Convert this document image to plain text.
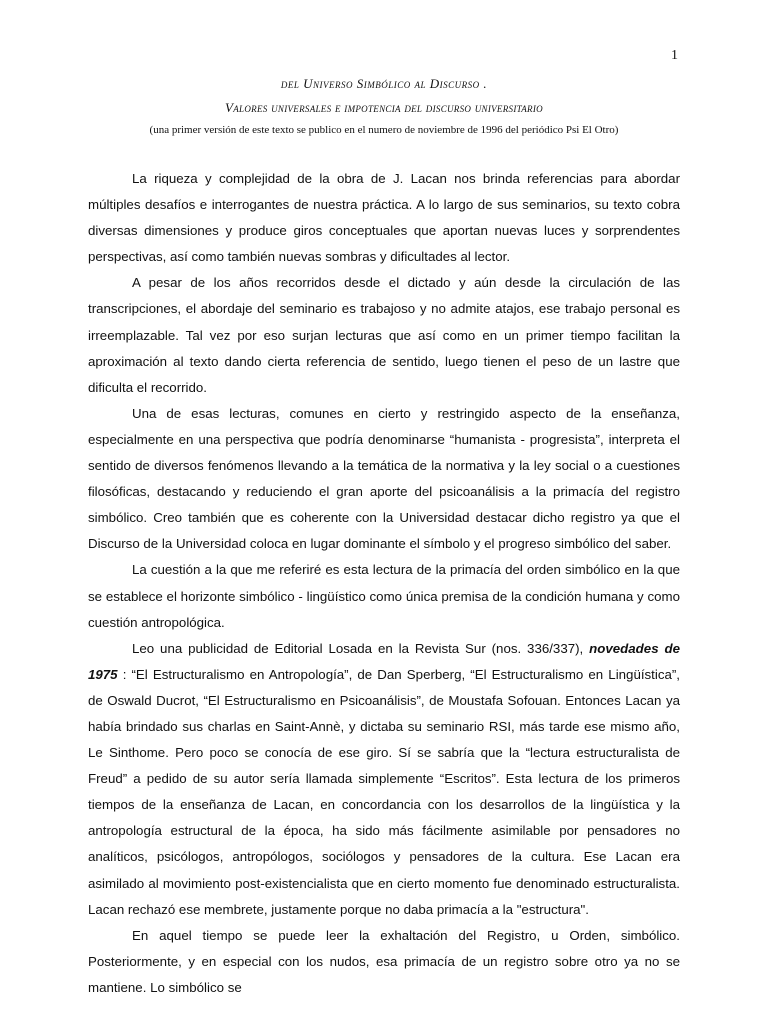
1
del Universo Simbólico al Discurso .
Valores universales e impotencia del discurso universitario
(una primer versión de este texto se publico en el numero de noviembre de 1996 del periódico Psi El Otro)

La riqueza y complejidad de la obra de J. Lacan nos brinda referencias para abordar múltiples desafíos e interrogantes de nuestra práctica. A lo largo de sus seminarios, su texto cobra diversas dimensiones y produce giros conceptuales que aportan nuevas luces y sorprendentes perspectivas, así como también nuevas sombras y dificultades al lector.

A pesar de los años recorridos desde el dictado y aún desde la circulación de las transcripciones, el abordaje del seminario es trabajoso y no admite atajos, ese trabajo personal es irreemplazable. Tal vez por eso surjan lecturas que así como en un primer tiempo facilitan la aproximación al texto dando cierta referencia de sentido, luego tienen el peso de un lastre que dificulta el recorrido.

Una de esas lecturas, comunes en cierto y restringido aspecto de la enseñanza, especialmente en una perspectiva que podría denominarse “humanista - progresista”, interpreta el sentido de diversos fenómenos llevando a la temática de la normativa y la ley social o a cuestiones filosóficas, destacando y reduciendo el gran aporte del psicoanálisis a la primacía del registro simbólico. Creo también que es coherente con la Universidad destacar dicho registro ya que el Discurso de la Universidad coloca en lugar dominante el símbolo y el progreso simbólico del saber.

La cuestión a la que me referiré es esta lectura de la primacía del orden simbólico en la que se establece el horizonte simbólico - lingüístico como única premisa de la condición humana y como cuestión antropológica.

Leo una publicidad de Editorial Losada en la Revista Sur (nos. 336/337), novedades de 1975 : “El Estructuralismo en Antropología”, de Dan Sperberg, “El Estructuralismo en Lingüística”, de Oswald Ducrot, “El Estructuralismo en Psicoanálisis”, de Moustafa Sofouan. Entonces Lacan ya había brindado sus charlas en Saint-Annè, y dictaba su seminario RSI, más tarde ese mismo año, Le Sinthome. Pero poco se conocía de ese giro. Sí se sabría que la “lectura estructuralista de Freud” a pedido de su autor sería llamada simplemente “Escritos”. Esta lectura de los primeros tiempos de la enseñanza de Lacan, en concordancia con los desarrollos de la lingüística y la antropología estructural de la época, ha sido más fácilmente asimilable por pensadores no analíticos, psicólogos, antropólogos, sociólogos y pensadores de la cultura. Ese Lacan era asimilado al movimiento post-existencialista que en cierto momento fue denominado estructuralista. Lacan rechazó ese membrete, justamente porque no daba primacía a la "estructura".

En aquel tiempo se puede leer la exhaltación del Registro, u Orden, simbólico. Posteriormente, y en especial con los nudos, esa primacía de un registro sobre otro ya no se mantiene. Lo simbólico se
